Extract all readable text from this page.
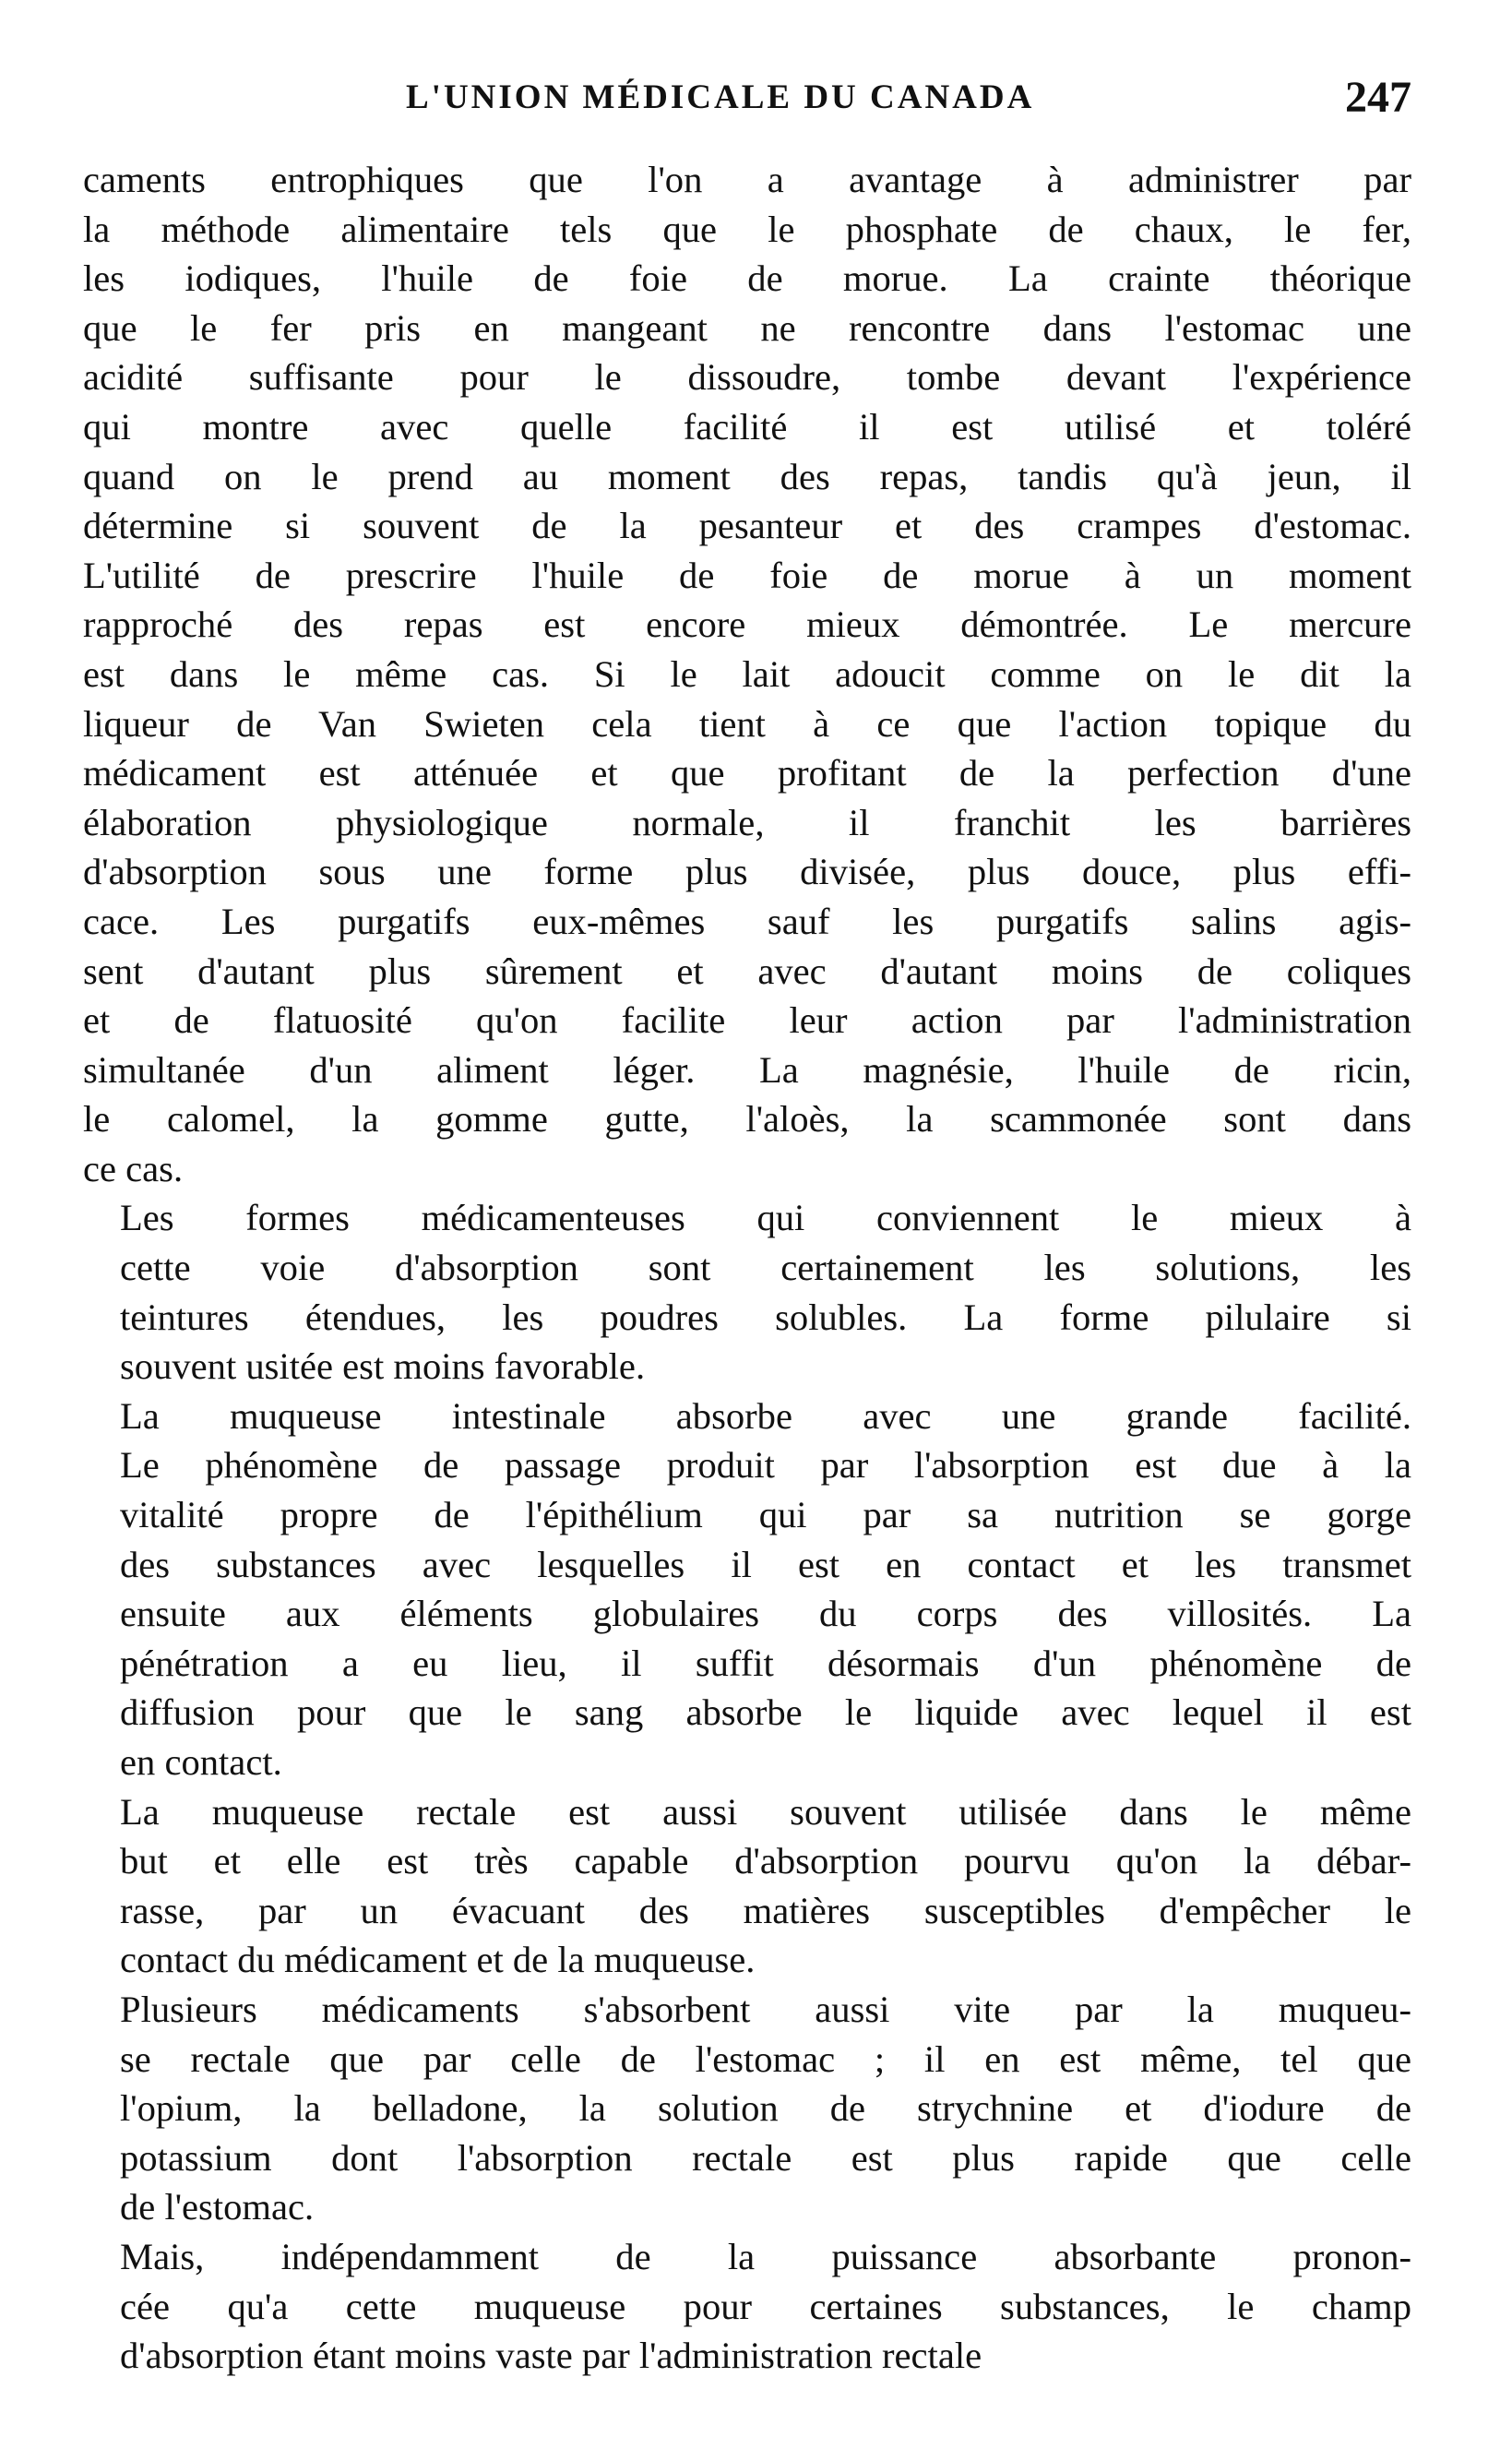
L'UNION MÉDICALE DU CANADA	247

caments entrophiques que l'on a avantage à administrer par
la méthode alimentaire tels que le phosphate de chaux, le fer,
les iodiques, l'huile de foie de morue. La crainte théorique
que le fer pris en mangeant ne rencontre dans l'estomac une
acidité suffisante pour le dissoudre, tombe devant l'expérience
qui montre avec quelle facilité il est utilisé et toléré
quand on le prend au moment des repas, tandis qu'à jeun, il
détermine si souvent de la pesanteur et des crampes d'estomac.
L'utilité de prescrire l'huile de foie de morue à un moment
rapproché des repas est encore mieux démontrée. Le mercure
est dans le même cas. Si le lait adoucit comme on le dit la
liqueur de Van Swieten cela tient à ce que l'action topique du
médicament est atténuée et que profitant de la perfection d'une
élaboration physiologique normale, il franchit les barrières
d'absorption sous une forme plus divisée, plus douce, plus effi-
cace. Les purgatifs eux-mêmes sauf les purgatifs salins agis-
sent d'autant plus sûrement et avec d'autant moins de coliques
et de flatuosité qu'on facilite leur action par l'administration
simultanée d'un aliment léger. La magnésie, l'huile de ricin,
le calomel, la gomme gutte, l'aloès, la scammonée sont dans
ce cas.

Les formes médicamenteuses qui conviennent le mieux à
cette voie d'absorption sont certainement les solutions, les
teintures étendues, les poudres solubles. La forme pilulaire si
souvent usitée est moins favorable.

La muqueuse intestinale absorbe avec une grande facilité.
Le phénomène de passage produit par l'absorption est due à la
vitalité propre de l'épithélium qui par sa nutrition se gorge
des substances avec lesquelles il est en contact et les transmet
ensuite aux éléments globulaires du corps des villosités. La
pénétration a eu lieu, il suffit désormais d'un phénomène de
diffusion pour que le sang absorbe le liquide avec lequel il est
en contact.

La muqueuse rectale est aussi souvent utilisée dans le même
but et elle est très capable d'absorption pourvu qu'on la débar-
rasse, par un évacuant des matières susceptibles d'empêcher le
contact du médicament et de la muqueuse.

Plusieurs médicaments s'absorbent aussi vite par la muqueu-
se rectale que par celle de l'estomac ; il en est même, tel que
l'opium, la belladone, la solution de strychnine et d'iodure de
potassium dont l'absorption rectale est plus rapide que celle
de l'estomac.

Mais, indépendamment de la puissance absorbante pronon-
cée qu'a cette muqueuse pour certaines substances, le champ
d'absorption étant moins vaste par l'administration rectale
